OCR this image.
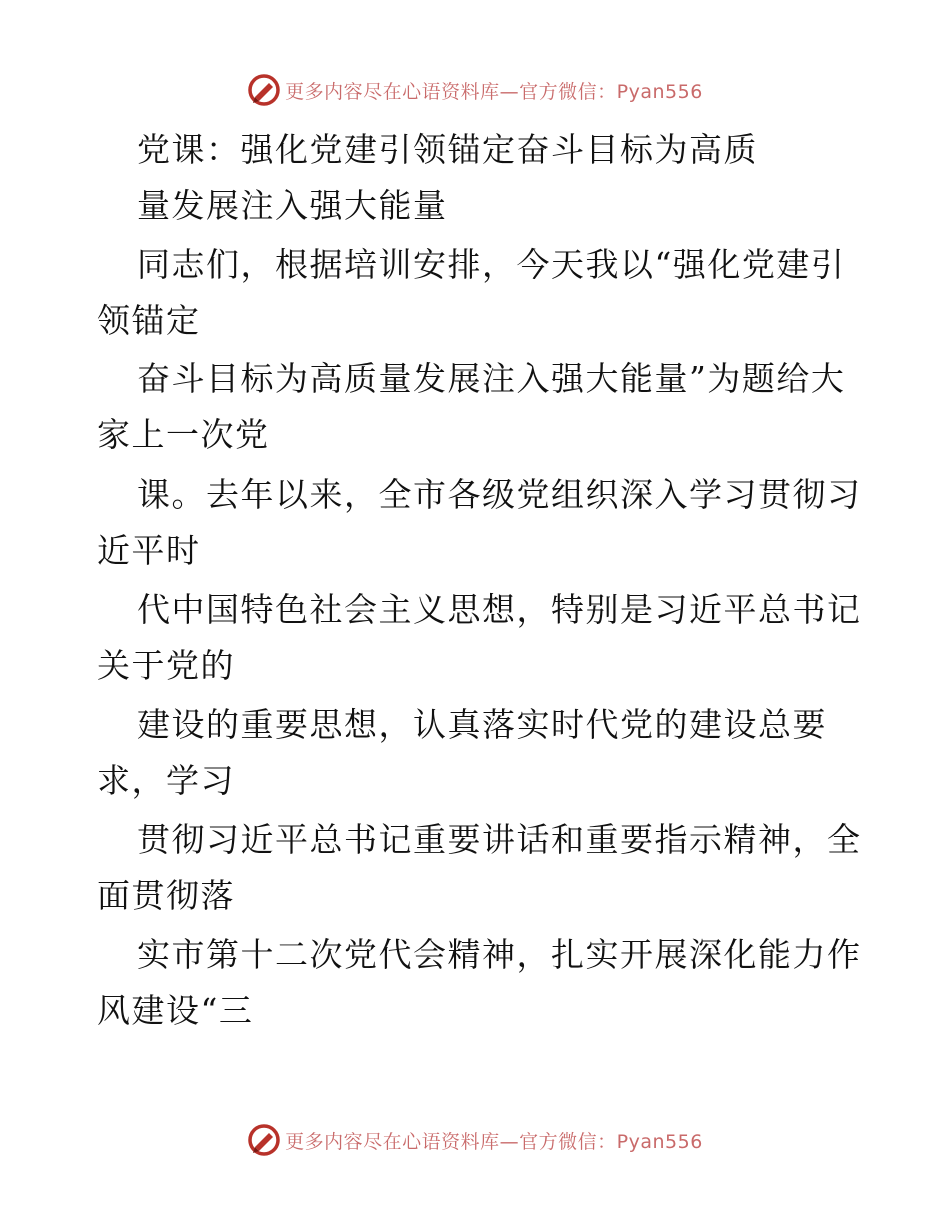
更多内容尽在心语资料库—官方微信：Pyan556
党课：强化党建引领锚定奋斗目标为高质
量发展注入强大能量
同志们，根据培训安排，今天我以“强化党建引
领锚定
奋斗目标为高质量发展注入强大能量”为题给大
家上一次党
课。去年以来，全市各级党组织深入学习贯彻习
近平时
代中国特色社会主义思想，特别是习近平总书记
关于党的
建设的重要思想，认真落实时代党的建设总要
求，学习
贯彻习近平总书记重要讲话和重要指示精神，全
面贯彻落
实市第十二次党代会精神，扎实开展深化能力作
风建设“三
更多内容尽在心语资料库—官方微信：Pyan556
